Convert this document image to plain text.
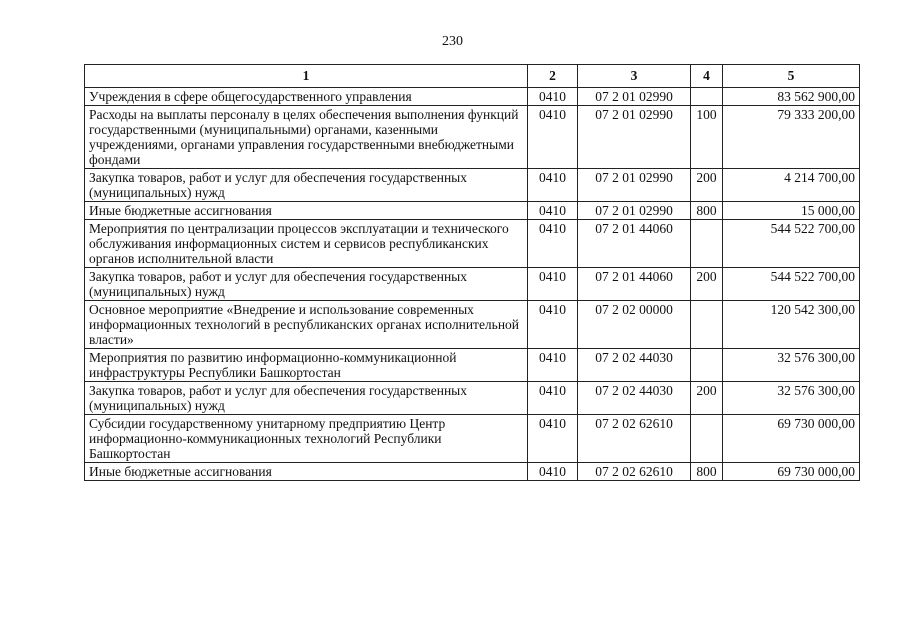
230
1	2	3	4	5
Учреждения в сфере общегосударственного управления	0410	07 2 01 02990		83 562 900,00
Расходы на выплаты персоналу в целях обеспечения выполнения функций государственными (муниципальными) органами, казенными учреждениями, органами управления государственными внебюджетными фондами	0410	07 2 01 02990	100	79 333 200,00
Закупка товаров, работ и услуг для обеспечения государственных (муниципальных) нужд	0410	07 2 01 02990	200	4 214 700,00
Иные бюджетные ассигнования	0410	07 2 01 02990	800	15 000,00
Мероприятия по централизации процессов эксплуатации и технического обслуживания информационных систем и сервисов республиканских органов исполнительной власти	0410	07 2 01 44060		544 522 700,00
Закупка товаров, работ и услуг для обеспечения государственных (муниципальных) нужд	0410	07 2 01 44060	200	544 522 700,00
Основное мероприятие «Внедрение и использование современных информационных технологий в республиканских органах исполнительной власти»	0410	07 2 02 00000		120 542 300,00
Мероприятия по развитию информационно-коммуникационной инфраструктуры Республики Башкортостан	0410	07 2 02 44030		32 576 300,00
Закупка товаров, работ и услуг для обеспечения государственных (муниципальных) нужд	0410	07 2 02 44030	200	32 576 300,00
Субсидии государственному унитарному предприятию Центр информационно-коммуникационных технологий Республики Башкортостан	0410	07 2 02 62610		69 730 000,00
Иные бюджетные ассигнования	0410	07 2 02 62610	800	69 730 000,00
